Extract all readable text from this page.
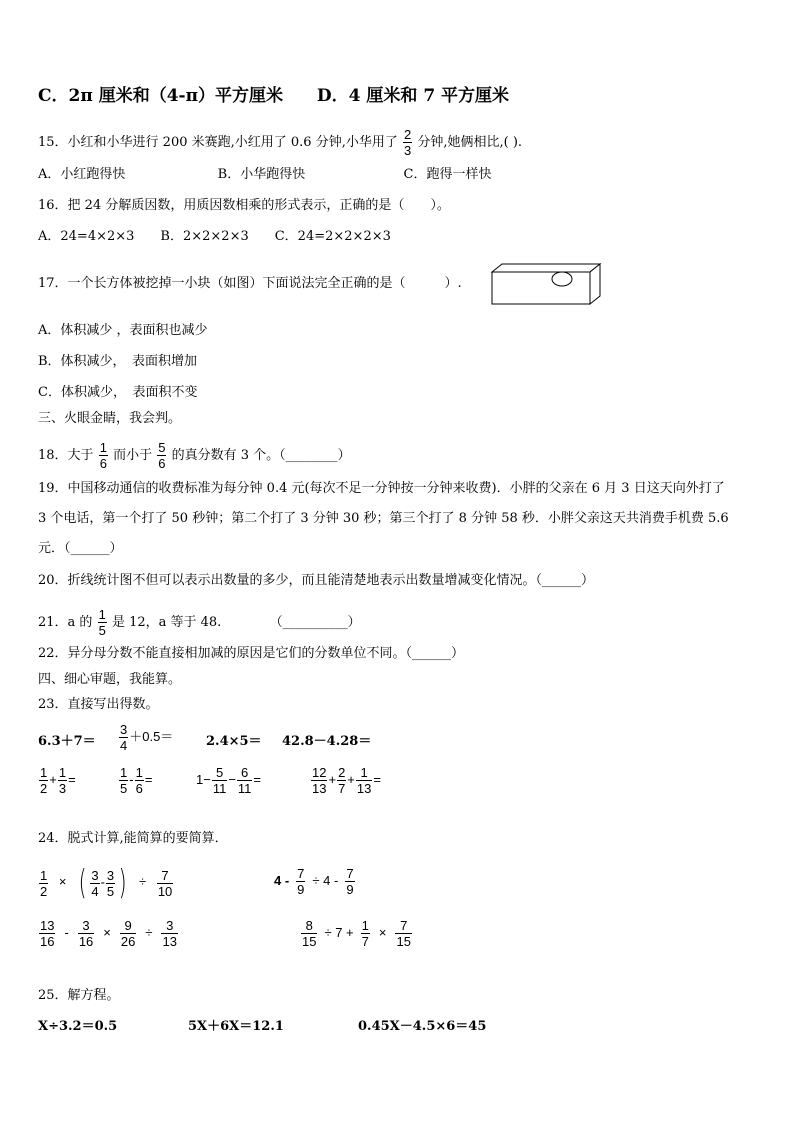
C．2π 厘米和（4-π）平方厘米 D．4 厘米和 7 平方厘米
15．小红和小华进行 200 米赛跑,小红用了 0.6 分钟,小华用了 $\frac{2}{3}$ 分钟,她俩相比,( ).
A．小红跑得快	B．小华跑得快	C．跑得一样快
16．把 24 分解质因数，用质因数相乘的形式表示，正确的是（　　）。
A．24=4×2×3　　B．2×2×2×3　　C．24=2×2×2×3
17．一个长方体被挖掉一小块（如图）下面说法完全正确的是（　　　）.
A．体积减少 ，表面积也减少
B．体积减少，　表面积增加
C．体积减少，　表面积不变
三、火眼金睛，我会判。
18．大于 $\frac{1}{6}$ 而小于 $\frac{5}{6}$ 的真分数有 3 个。（________）
19．中国移动通信的收费标准为每分钟 0.4 元(每次不足一分钟按一分钟来收费)．小胖的父亲在 6 月 3 日这天向外打了
3 个电话，第一个打了 50 秒钟；第二个打了 3 分钟 30 秒；第三个打了 8 分钟 58 秒．小胖父亲这天共消费手机费 5.6
元．（______）
20．折线统计图不但可以表示出数量的多少，而且能清楚地表示出数量增减变化情况。（______）
21．a 的 $\frac{1}{5}$ 是 12，a 等于 48.	（__________）
22．异分母分数不能直接相加减的原因是它们的分数单位不同。（______）
四、细心审题，我能算。
23．直接写出得数。
$6.3+7= \frac{3}{4} +0.5=$	2.4×5＝ 42.8－4.28＝
$\frac{1}{2} + \frac{1}{3}$ =	$\frac{1}{5} - \frac{1}{6}$ =	$1- \frac{5}{11} - \frac{6}{11}$ =	$\frac{12}{13} + \frac{2}{7} + \frac{1}{13}$ =
24．脱式计算,能简算的要简算．
$\frac{1}{2}$ × ( $\frac{3}{4} - \frac{3}{5}$ ) ÷ $\frac{7}{10}$	$4 - \frac{7}{9} \div 4 - \frac{7}{9}$
$\frac{13}{16} - \frac{3}{16} \times \frac{9}{26} \div \frac{3}{13}$	$\frac{8}{15} \div 7 + \frac{1}{7} \times \frac{7}{15}$
25．解方程。
X÷3.2＝0.5	5X＋6X＝12.1	0.45X－4.5×6＝45
